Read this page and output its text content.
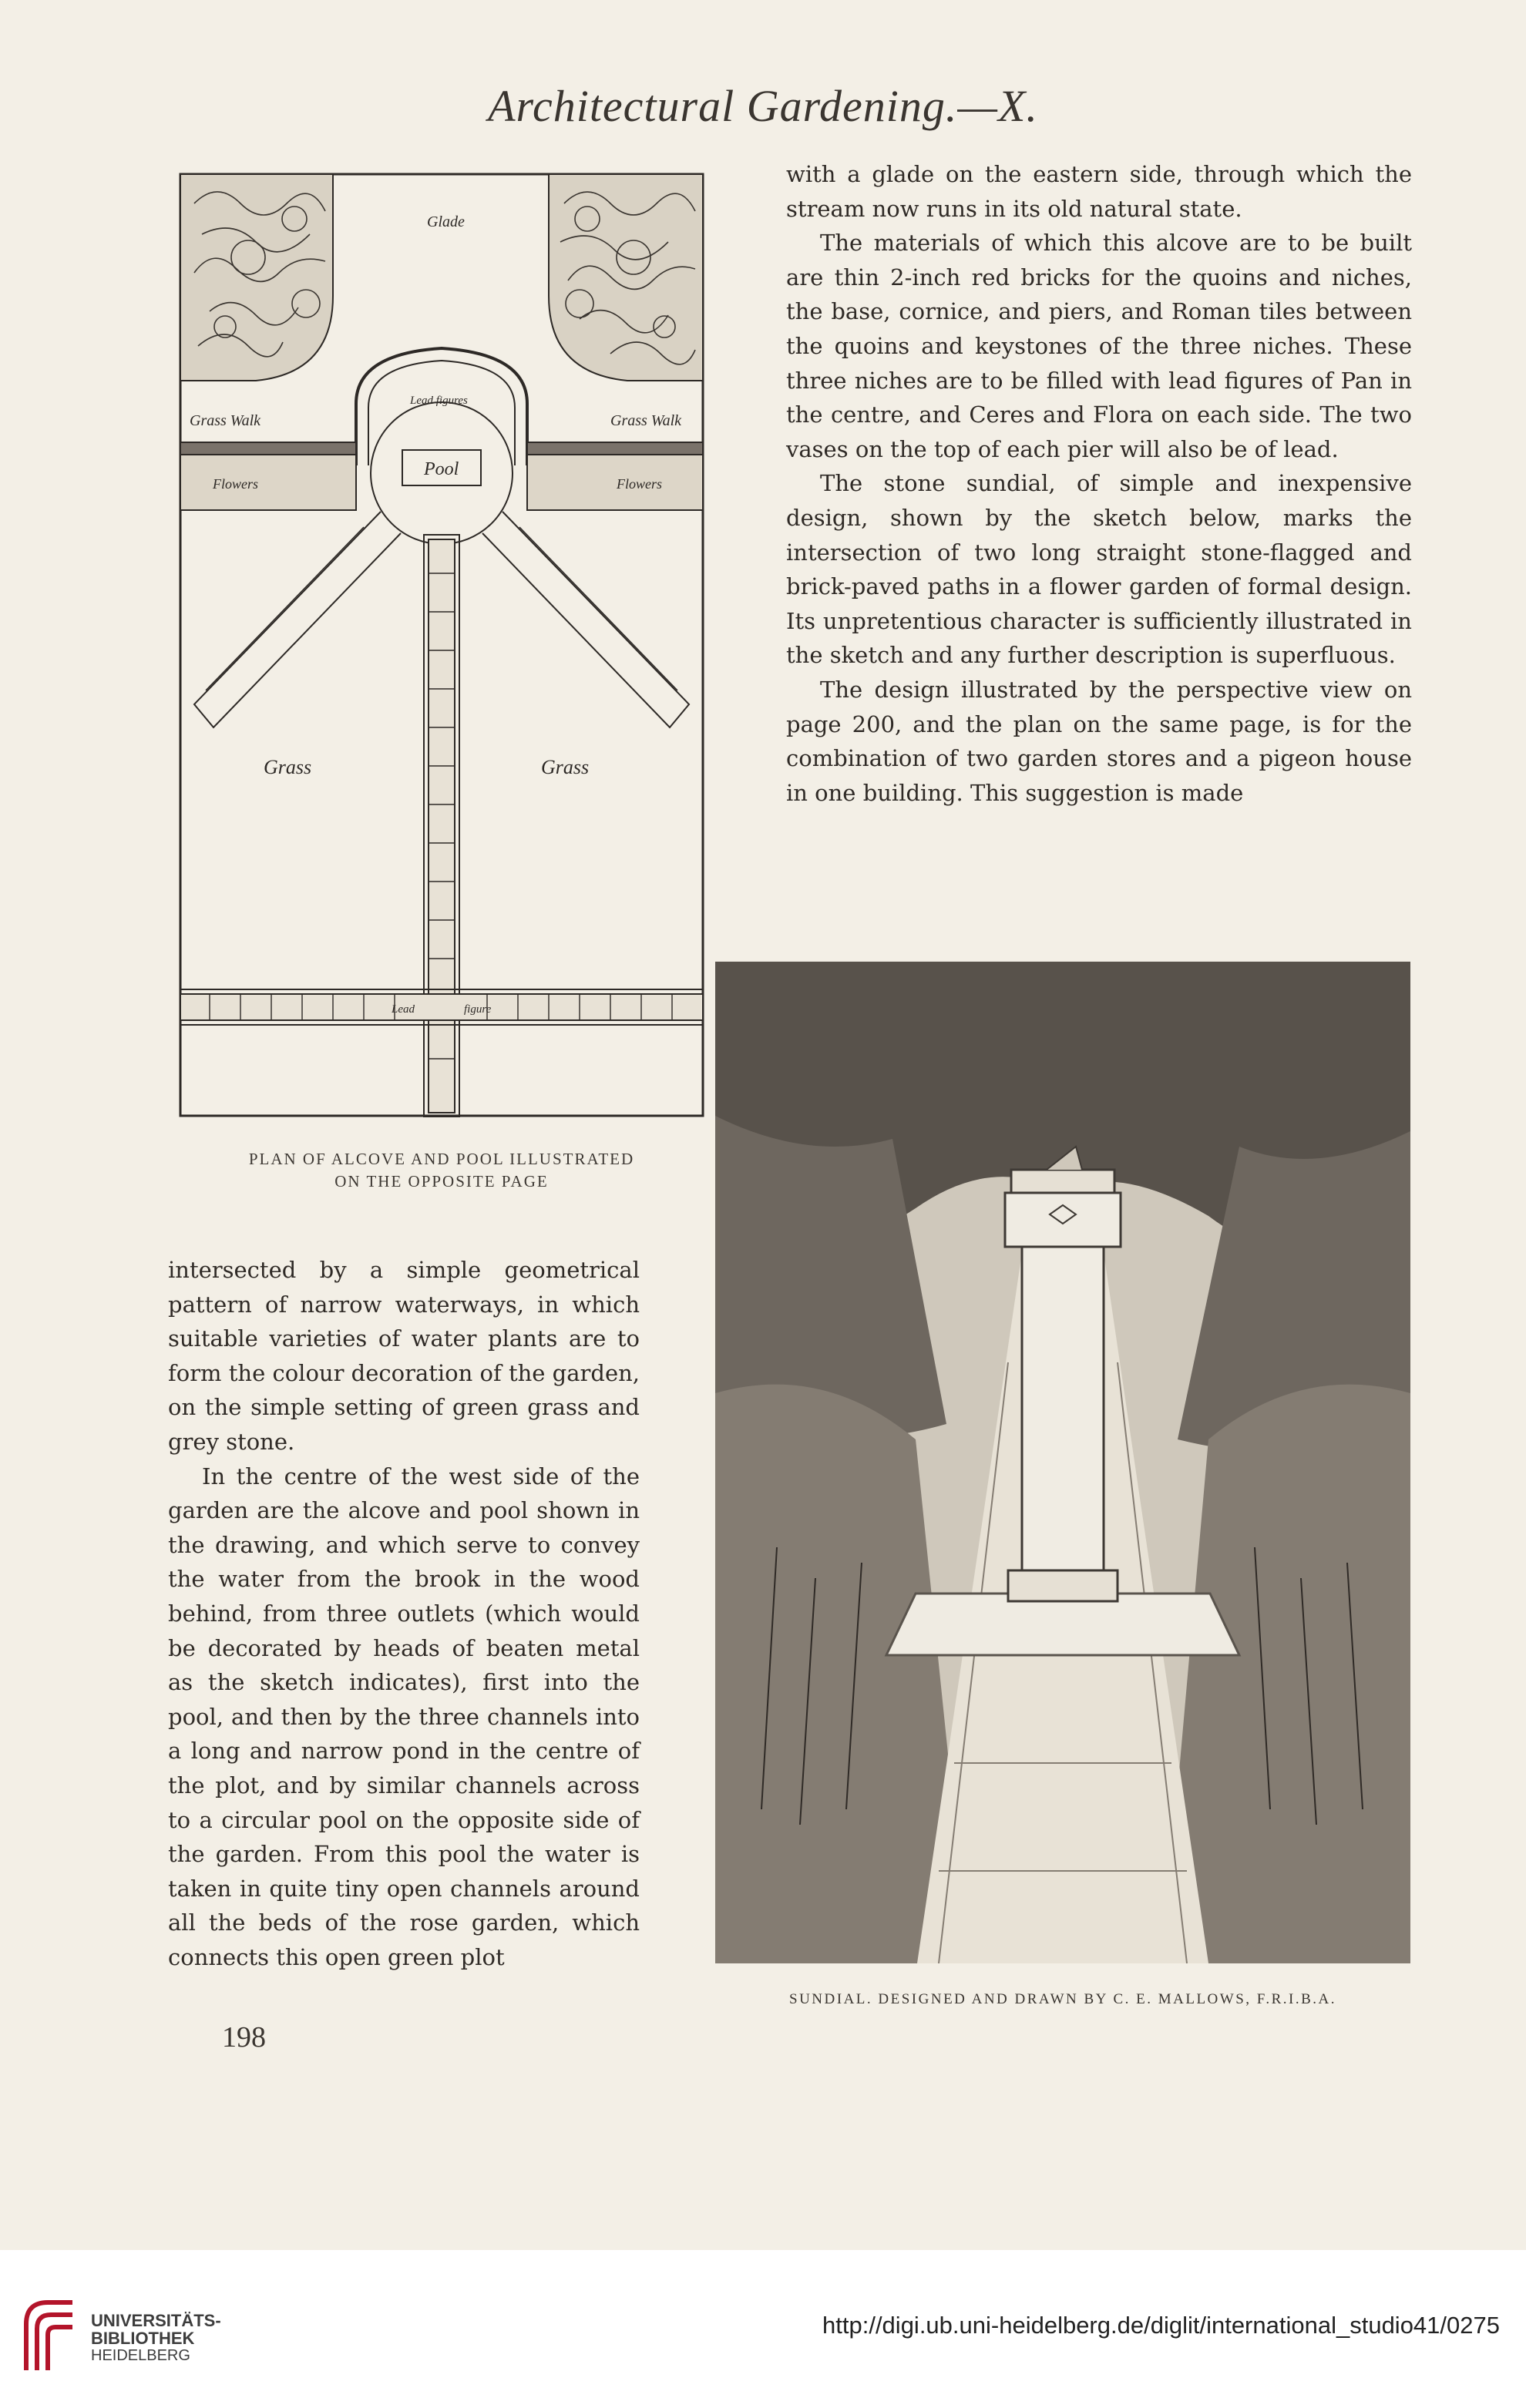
Architectural Gardening.—X.
Glade
Grass Walk	Grass Walk
Lead figures
Pool
Flowers	Flowers
Grass	Grass
Lead	figure
PLAN OF ALCOVE AND POOL ILLUSTRATED
ON THE OPPOSITE PAGE

with a glade on the eastern side, through which the stream now runs in its old natural state.

The materials of which this alcove are to be built are thin 2-inch red bricks for the quoins and niches, the base, cornice, and piers, and Roman tiles between the quoins and keystones of the three niches. These three niches are to be filled with lead figures of Pan in the centre, and Ceres and Flora on each side. The two vases on the top of each pier will also be of lead.

The stone sundial, of simple and inexpensive design, shown by the sketch below, marks the intersection of two long straight stone-flagged and brick-paved paths in a flower garden of formal design. Its unpretentious character is sufficiently illustrated in the sketch and any further description is superfluous.

The design illustrated by the perspective view on page 200, and the plan on the same page, is for the combination of two garden stores and a pigeon house in one building. This suggestion is made

SUNDIAL. DESIGNED AND DRAWN BY C. E. MALLOWS, F.R.I.B.A.

intersected by a simple geometrical pattern of narrow waterways, in which suitable varieties of water plants are to form the colour decoration of the garden, on the simple setting of green grass and grey stone.

In the centre of the west side of the garden are the alcove and pool shown in the drawing, and which serve to convey the water from the brook in the wood behind, from three outlets (which would be decorated by heads of beaten metal as the sketch indicates), first into the pool, and then by the three channels into a long and narrow pond in the centre of the plot, and by similar channels across to a circular pool on the opposite side of the garden. From this pool the water is taken in quite tiny open channels around all the beds of the rose garden, which connects this open green plot

198
UNIVERSITÄTS-
BIBLIOTHEK
HEIDELBERG
http://digi.ub.uni-heidelberg.de/diglit/international_studio41/0275
